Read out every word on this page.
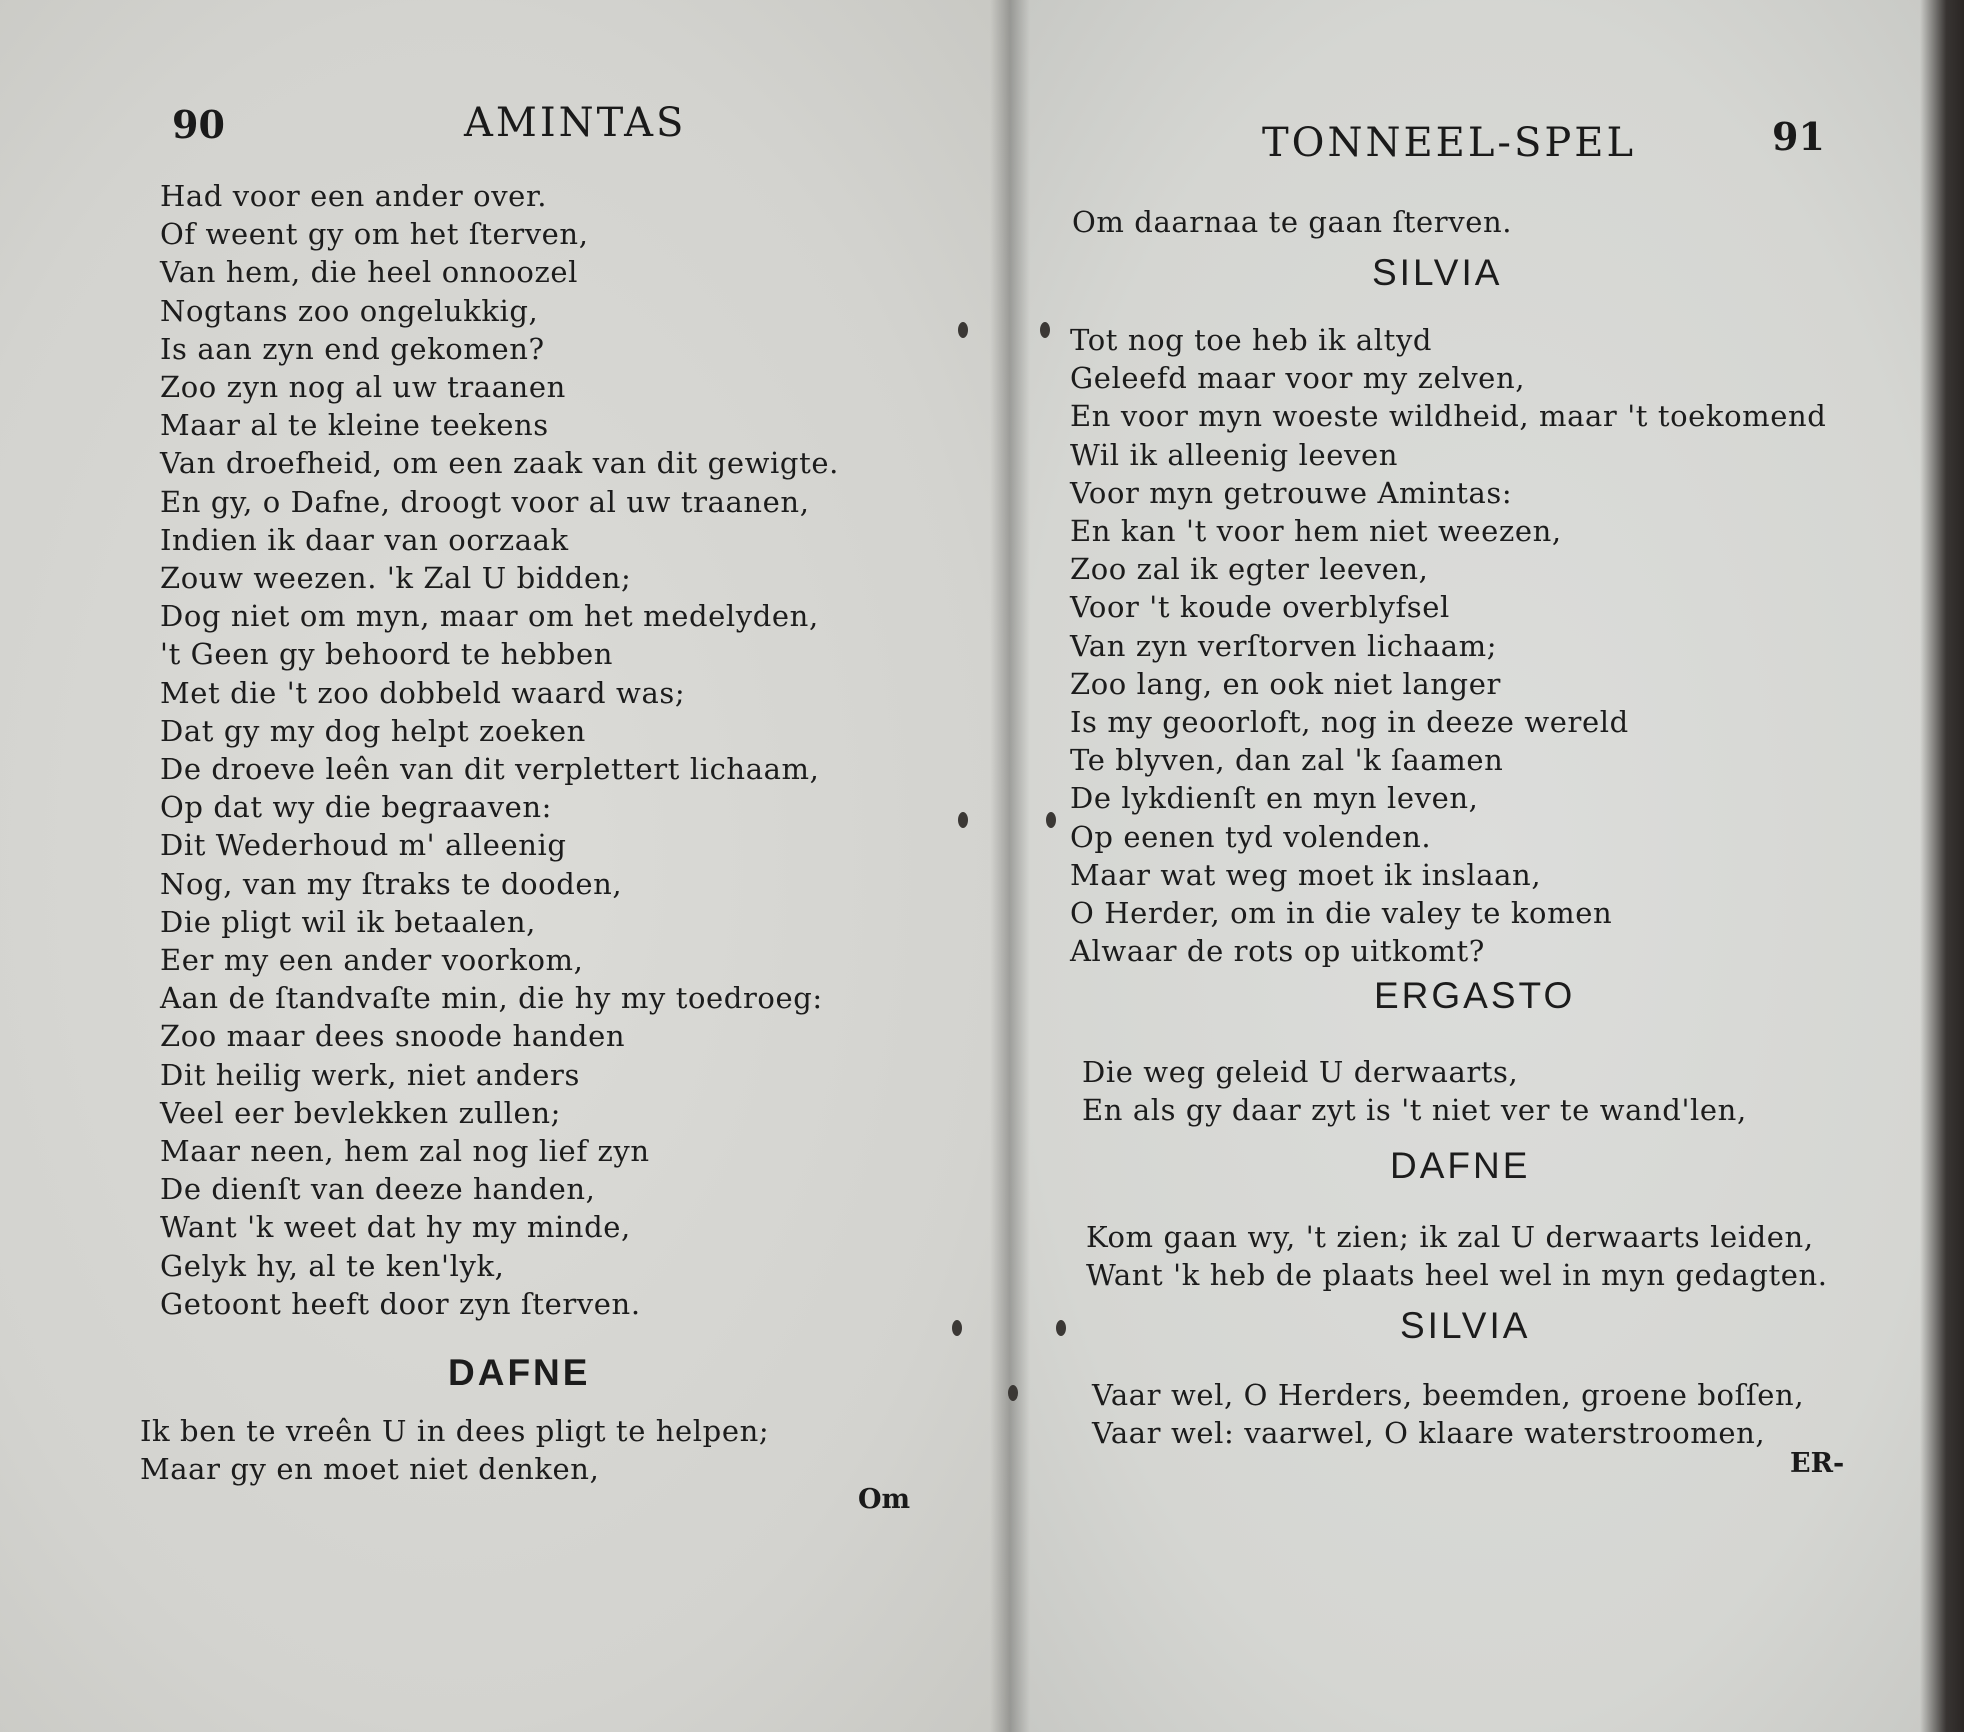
90	AMINTAS
Had voor een ander over.
Of weent gy om het ſterven,
Van hem, die heel onnoozel
Nogtans zoo ongelukkig,
Is aan zyn end gekomen?
Zoo zyn nog al uw traanen
Maar al te kleine teekens
Van droefheid, om een zaak van dit gewigte.
En gy, o Dafne, droogt voor al uw traanen,
Indien ik daar van oorzaak
Zouw weezen. 'k Zal U bidden;
Dog niet om myn, maar om het medelyden,
't Geen gy behoord te hebben
Met die 't zoo dobbeld waard was;
Dat gy my dog helpt zoeken
De droeve leên van dit verplettert lichaam,
Op dat wy die begraaven:
Dit Wederhoud m' alleenig
Nog, van my ſtraks te dooden,
Die pligt wil ik betaalen,
Eer my een ander voorkom,
Aan de ſtandvaſte min, die hy my toedroeg:
Zoo maar dees snoode handen
Dit heilig werk, niet anders
Veel eer bevlekken zullen;
Maar neen, hem zal nog lief zyn
De dienſt van deeze handen,
Want 'k weet dat hy my minde,
Gelyk hy, al te ken'lyk,
Getoont heeft door zyn ſterven.
DAFNE
Ik ben te vreên U in dees pligt te helpen;
Maar gy en moet niet denken,
Om
TONNEEL-SPEL	91
Om daarnaa te gaan ſterven.
SILVIA
Tot nog toe heb ik altyd
Geleefd maar voor my zelven,
En voor myn woeste wildheid, maar 't toekomend
Wil ik alleenig leeven
Voor myn getrouwe Amintas:
En kan 't voor hem niet weezen,
Zoo zal ik egter leeven,
Voor 't koude overblyfsel
Van zyn verſtorven lichaam;
Zoo lang, en ook niet langer
Is my geoorloft, nog in deeze wereld
Te blyven, dan zal 'k ſaamen
De lykdienſt en myn leven,
Op eenen tyd volenden.
Maar wat weg moet ik inslaan,
O Herder, om in die valey te komen
Alwaar de rots op uitkomt?
ERGASTO
Die weg geleid U derwaarts,
En als gy daar zyt is 't niet ver te wand'len,
DAFNE
Kom gaan wy, 't zien; ik zal U derwaarts leiden,
Want 'k heb de plaats heel wel in myn gedagten.
SILVIA
Vaar wel, O Herders, beemden, groene boſſen,
Vaar wel: vaarwel, O klaare waterstroomen,
ER-
